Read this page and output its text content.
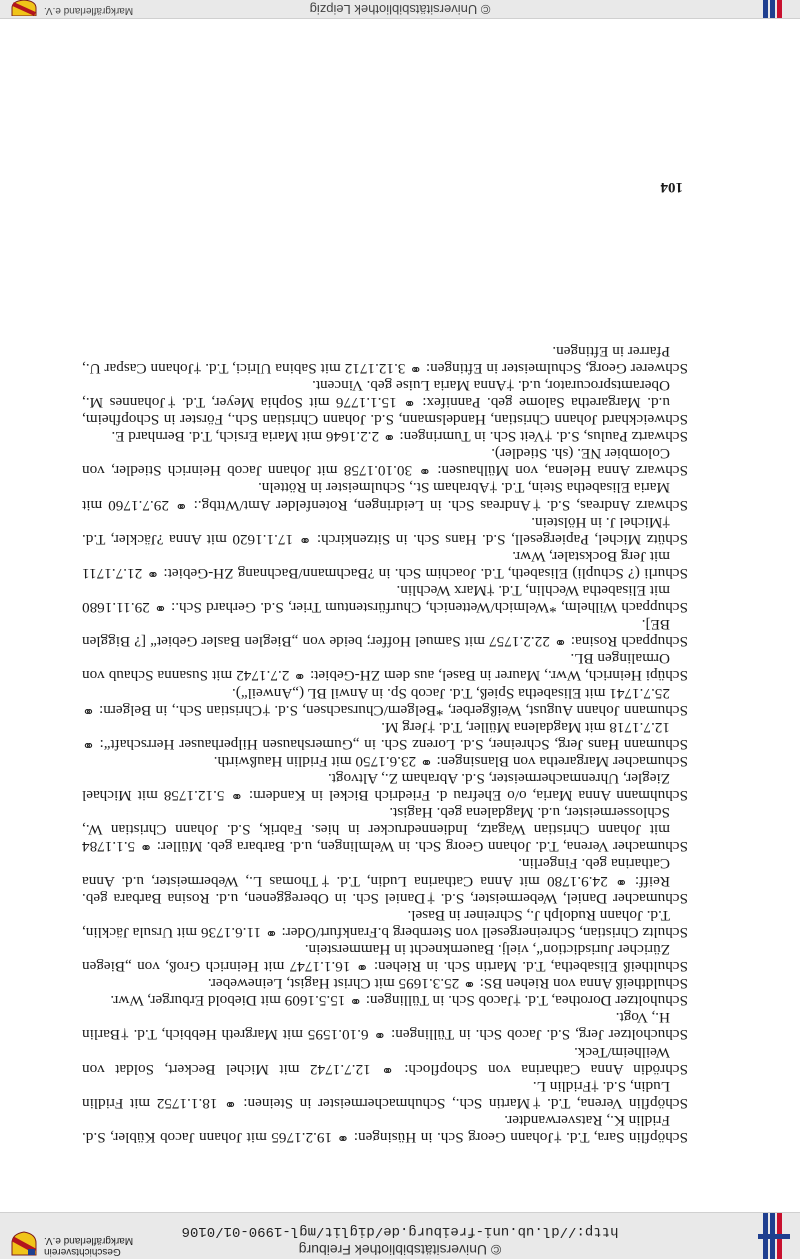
© Universitätsbibliothek Freiburg
http://dl.ub.uni-freiburg.de/diglit/mgl-1990-01/0106
Geschichtsverein
Markgräflerland e.V.

Schöpflin Sara, T.d. †Johann Georg Sch. in Hüsingen: ⚭ 19.2.1765 mit Johann Jacob Kübler, S.d. Fridlin K., Ratsverwandter.

Schöpflin Verena, T.d. †Martin Sch., Schuhmachermeister in Steinen: ⚭ 18.1.1752 mit Fridlin Ludin, S.d. †Fridlin L.

Schrödin Anna Catharina von Schopfloch: ⚭ 12.7.1742 mit Michel Beckert, Soldat von Weilheim/Teck.

Schucholtzer Jerg, S.d. Jacob Sch. in Tüllingen: ⚭ 6.10.1595 mit Margreth Hebbich, T.d. †Barlin H., Vogt.

Schuholtzer Dorothea, T.d. †Jacob Sch. in Tüllingen: ⚭ 15.5.1609 mit Diebold Erburger, Wwr.

Schuldtheiß Anna von Riehen BS: ⚭ 25.3.1695 mit Christ Hagist, Leineweber.

Schultheiß Elisabetha, T.d. Martin Sch. in Riehen: ⚭ 16.1.1747 mit Heinrich Groß, von „Biegen Züricher Jurisdiction“, vielj. Bauernknecht in Hammerstein.

Schultz Christian, Schreinergesell von Sternberg b.Frankfurt/Oder: ⚭ 11.6.1736 mit Ursula Jäcklin, T.d. Johann Rudolph J., Schreiner in Basel.

Schumacher Daniel, Webermeister, S.d. †Daniel Sch. in Obereggenen, u.d. Rosina Barbara geb. Reiff: ⚭ 24.9.1780 mit Anna Catharina Ludin, T.d. †Thomas L., Webermeister, u.d. Anna Catharina geb. Fingerlin.

Schumacher Verena, T.d. Johann Georg Sch. in Welmlingen, u.d. Barbara geb. Müller: ⚭ 5.1.1784 mit Johann Christian Wagatz, Indiennedrucker in hies. Fabrik, S.d. Johann Christian W., Schlossermeister, u.d. Magdalena geb. Hagist.

Schuhmann Anna Maria, o/o Ehefrau d. Friedrich Bickel in Kandern: ⚭ 5.12.1758 mit Michael Ziegler, Uhrenmachermeister, S.d. Abraham Z., Altvogt.

Schumacher Margaretha von Blansingen: ⚭ 23.6.1750 mit Fridlin Haußwirth.

Schumann Hans Jerg, Schreiner, S.d. Lorenz Sch. in „Gumershausen Hilperhauser Herrschaft“: ⚭ 12.7.1718 mit Magdalena Müller, T.d. †Jerg M.

Schumann Johann August, Weißgerber, *Belgern/Chursachsen, S.d. †Christian Sch., in Belgern: ⚭ 25.7.1741 mit Elisabetha Spieß, T.d. Jacob Sp. in Anwil BL („Anweil“).

Schüpi Heinrich, Wwr., Maurer in Basel, aus dem ZH-Gebiet: ⚭ 2.7.1742 mit Susanna Schaub von Ormalingen BL.

Schuppach Rosina: ⚭ 22.2.1757 mit Samuel Hoffer; beide von „Bieglen Basler Gebiet“ [? Bigglen BE].

Schuppach Wilhelm, *Welmich/Wettenich, Churfürstentum Trier, S.d. Gerhard Sch.: ⚭ 29.11.1680 mit Elisabetha Wechlin, T.d. †Marx Wechlin.

Schurli (? Schupli) Elisabeth, T.d. Joachim Sch. in ?Bachmann/Bachnang ZH-Gebiet: ⚭ 21.7.1711 mit Jerg Bockstaler, Wwr.

Schütz Michel, Papiergesell, S.d. Hans Sch. in Sitzenkirch: ⚭ 17.1.1620 mit Anna ?Jäckler, T.d. †Michel J. in Hölstein.

Schwarz Andreas, S.d. †Andreas Sch. in Leidringen, Rotenfelder Amt/Wttbg.: ⚭ 29.7.1760 mit Maria Elisabetha Stein, T.d. †Abraham St., Schulmeister in Rötteln.

Schwarz Anna Helena, von Mülhausen: ⚭ 30.10.1758 mit Johann Jacob Heinrich Stiedler, von Colombier NE. (sh. Stiedler).

Schwartz Paulus, S.d. †Veit Sch. in Tumringen: ⚭ 2.2.1646 mit Maria Ersich, T.d. Bernhard E.

Schweickhard Johann Christian, Handelsmann, S.d. Johann Christian Sch., Förster in Schopfheim, u.d. Margaretha Salome geb. Pannifex: ⚭ 15.1.1776 mit Sophia Meyer, T.d. †Johannes M., Oberamtsprocurator, u.d. †Anna Maria Luise geb. Vincent.

Schwerer Georg, Schulmeister in Eftingen: ⚭ 3.12.1712 mit Sabina Ulrici, T.d. †Johann Caspar U., Pfarrer in Eftingen.

104
© Universitätsbibliothek Leipzig
Markgräflerland e.V.
